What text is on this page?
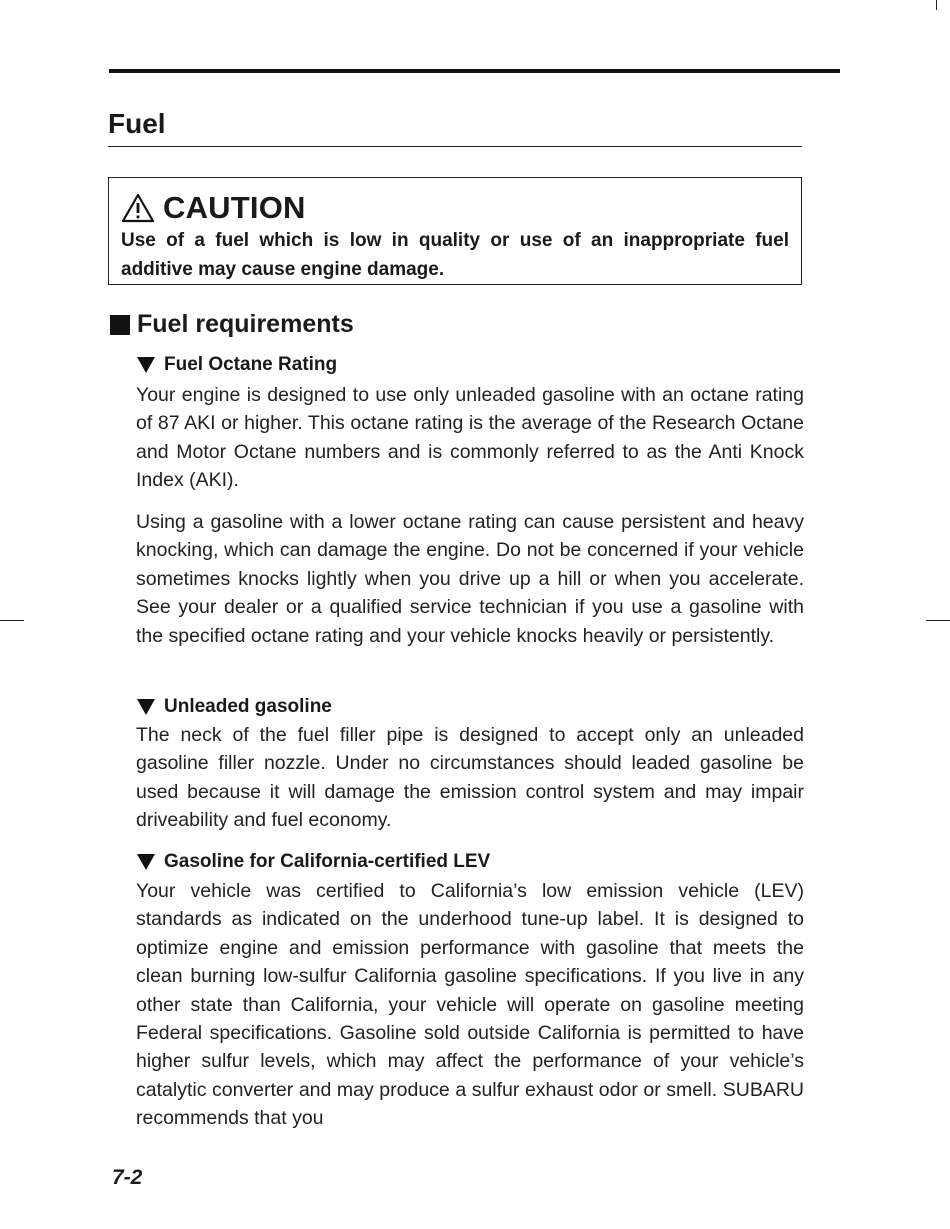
Fuel
CAUTION
Use of a fuel which is low in quality or use of an inappropriate fuel additive may cause engine damage.
Fuel requirements
Fuel Octane Rating

Your engine is designed to use only unleaded gasoline with an octane rating of 87 AKI or higher. This octane rating is the average of the Research Octane and Motor Octane numbers and is commonly referred to as the Anti Knock Index (AKI).

Using a gasoline with a lower octane rating can cause persistent and heavy knocking, which can damage the engine. Do not be concerned if your vehicle sometimes knocks lightly when you drive up a hill or when you accelerate. See your dealer or a qualified service technician if you use a gasoline with the specified octane rating and your vehicle knocks heavily or persistently.

Unleaded gasoline

The neck of the fuel filler pipe is designed to accept only an unleaded gasoline filler nozzle. Under no circumstances should leaded gasoline be used because it will damage the emission control system and may impair driveability and fuel economy.

Gasoline for California-certified LEV

Your vehicle was certified to California’s low emission vehicle (LEV) standards as indicated on the underhood tune-up label. It is designed to optimize engine and emission performance with gasoline that meets the clean burning low-sulfur California gasoline specifications. If you live in any other state than California, your vehicle will operate on gasoline meeting Federal specifications. Gasoline sold outside California is permitted to have higher sulfur levels, which may affect the performance of your vehicle’s catalytic converter and may produce a sulfur exhaust odor or smell. SUBARU recommends that you

7-2
